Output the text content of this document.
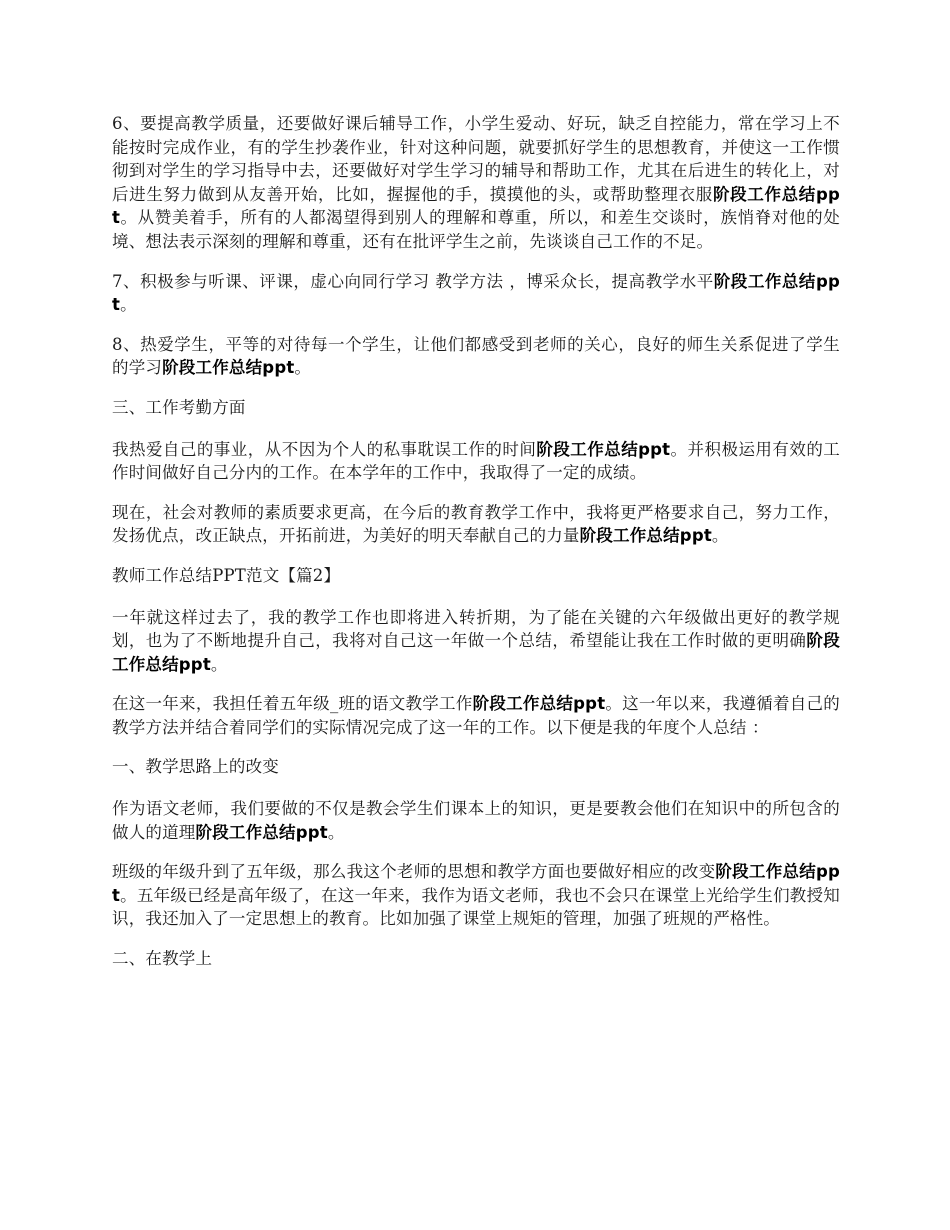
6、要提高教学质量，还要做好课后辅导工作，小学生爱动、好玩，缺乏自控能力，常在学习上不能按时完成作业，有的学生抄袭作业，针对这种问题，就要抓好学生的思想教育，并使这一工作惯彻到对学生的学习指导中去，还要做好对学生学习的辅导和帮助工作，尤其在后进生的转化上，对后进生努力做到从友善开始，比如，握握他的手，摸摸他的头，或帮助整理衣服阶段工作总结ppt。从赞美着手，所有的人都渴望得到别人的理解和尊重，所以，和差生交谈时，族悄脊对他的处境、想法表示深刻的理解和尊重，还有在批评学生之前，先谈谈自己工作的不足。

7、积极参与听课、评课，虚心向同行学习 教学方法 ，博采众长，提高教学水平阶段工作总结ppt。

8、热爱学生，平等的对待每一个学生，让他们都感受到老师的关心，良好的师生关系促进了学生的学习阶段工作总结ppt。

三、工作考勤方面

我热爱自己的事业，从不因为个人的私事耽误工作的时间阶段工作总结ppt。并积极运用有效的工作时间做好自己分内的工作。在本学年的工作中，我取得了一定的成绩。

现在，社会对教师的素质要求更高，在今后的教育教学工作中，我将更严格要求自己，努力工作，发扬优点，改正缺点，开拓前进，为美好的明天奉献自己的力量阶段工作总结ppt。

教师工作总结PPT范文【篇2】

一年就这样过去了，我的教学工作也即将进入转折期，为了能在关键的六年级做出更好的教学规划，也为了不断地提升自己，我将对自己这一年做一个总结，希望能让我在工作时做的更明确阶段工作总结ppt。

在这一年来，我担任着五年级_班的语文教学工作阶段工作总结ppt。这一年以来，我遵循着自己的教学方法并结合着同学们的实际情况完成了这一年的工作。以下便是我的年度个人总结 ：

一、教学思路上的改变

作为语文老师，我们要做的不仅是教会学生们课本上的知识，更是要教会他们在知识中的所包含的做人的道理阶段工作总结ppt。

班级的年级升到了五年级，那么我这个老师的思想和教学方面也要做好相应的改变阶段工作总结ppt。五年级已经是高年级了，在这一年来，我作为语文老师，我也不会只在课堂上光给学生们教授知识，我还加入了一定思想上的教育。比如加强了课堂上规矩的管理，加强了班规的严格性。

二、在教学上
